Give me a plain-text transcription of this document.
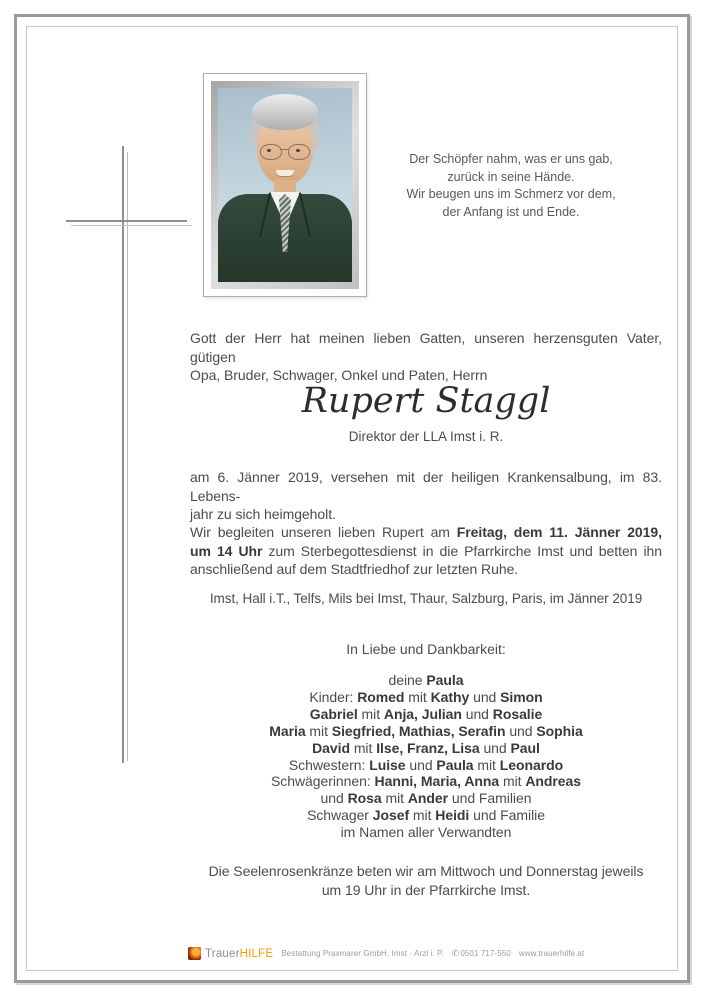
Der Schöpfer nahm, was er uns gab,
zurück in seine Hände.
Wir beugen uns im Schmerz vor dem,
der Anfang ist und Ende.
Gott der Herr hat meinen lieben Gatten, unseren herzensguten Vater, gütigen
Opa, Bruder, Schwager, Onkel und Paten, Herrn
Rupert Staggl
Direktor der LLA Imst i. R.
am 6. Jänner 2019, versehen mit der heiligen Krankensalbung, im 83. Lebens-
jahr zu sich heimgeholt.
Wir begleiten unseren lieben Rupert am Freitag, dem 11. Jänner 2019,
um 14 Uhr zum Sterbegottesdienst in die Pfarrkirche Imst und betten ihn
anschließend auf dem Stadtfriedhof zur letzten Ruhe.
Imst, Hall i.T., Telfs, Mils bei Imst, Thaur, Salzburg, Paris, im Jänner 2019
In Liebe und Dankbarkeit:
deine Paula
Kinder: Romed mit Kathy und Simon
Gabriel mit Anja, Julian und Rosalie
Maria mit Siegfried, Mathias, Serafin und Sophia
David mit Ilse, Franz, Lisa und Paul
Schwestern: Luise und Paula mit Leonardo
Schwägerinnen: Hanni, Maria, Anna mit Andreas
und Rosa mit Ander und Familien
Schwager Josef mit Heidi und Familie
im Namen aller Verwandten
Die Seelenrosenkränze beten wir am Mittwoch und Donnerstag jeweils
um 19 Uhr in der Pfarrkirche Imst.
TrauerHILFE Bestattung Praxmarer GmbH, Imst - Arzl i. P. ✆ 0501 717-550 www.trauerhilfe.at
